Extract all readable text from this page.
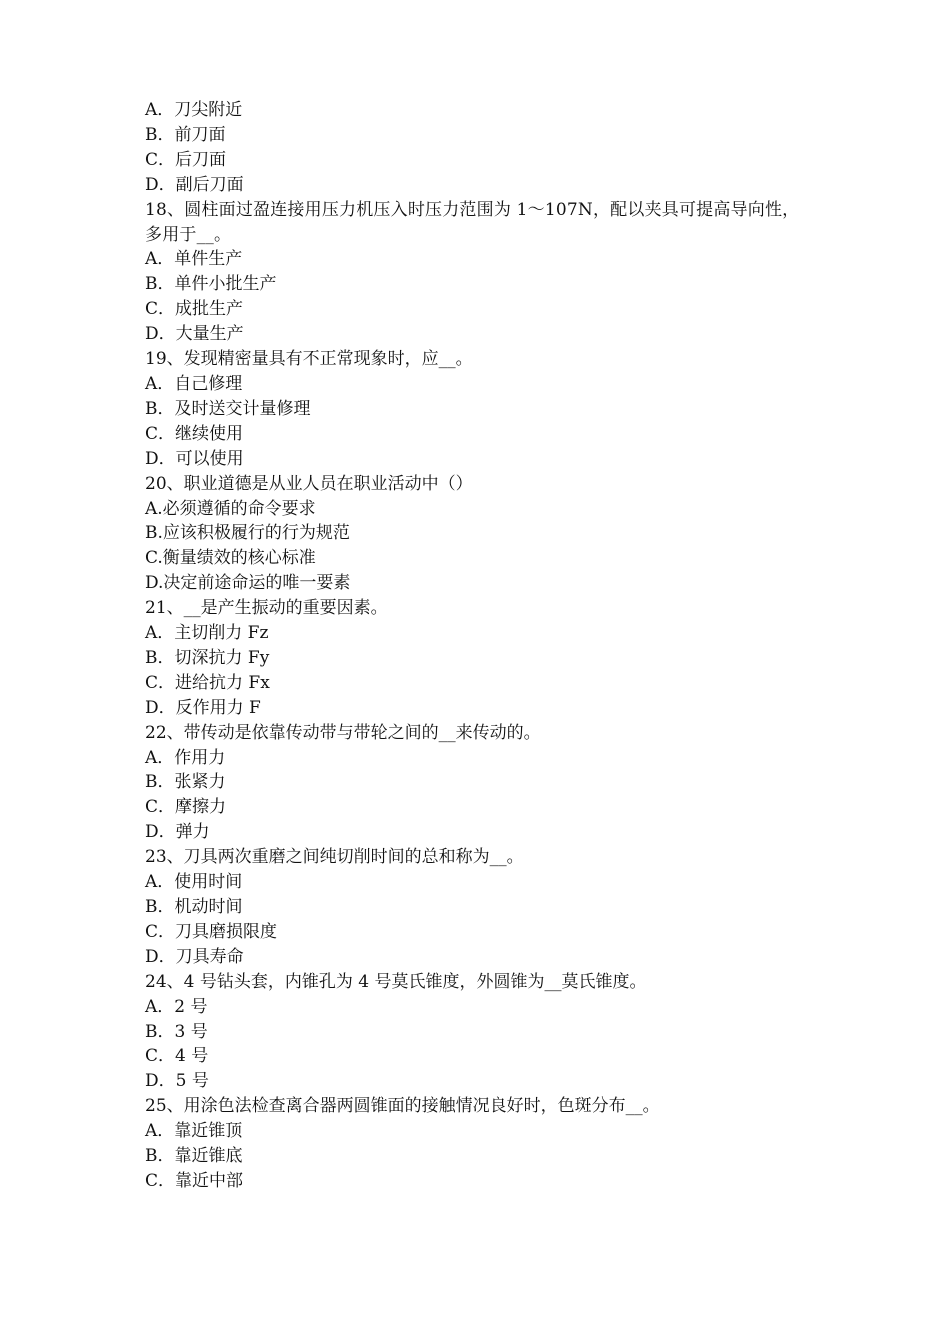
A．刀尖附近

B．前刀面

C．后刀面

D．副后刀面

18、圆柱面过盈连接用压力机压入时压力范围为 1～107N，配以夹具可提高导向性，多用于__。

A．单件生产

B．单件小批生产

C．成批生产

D．大量生产

19、发现精密量具有不正常现象时，应__。

A．自己修理

B．及时送交计量修理

C．继续使用

D．可以使用

20、职业道德是从业人员在职业活动中（）

A.必须遵循的命令要求

B.应该积极履行的行为规范

C.衡量绩效的核心标准

D.决定前途命运的唯一要素

21、__是产生振动的重要因素。

A．主切削力 Fz

B．切深抗力 Fy

C．进给抗力 Fx

D．反作用力 F

22、带传动是依靠传动带与带轮之间的__来传动的。

A．作用力

B．张紧力

C．摩擦力

D．弹力

23、刀具两次重磨之间纯切削时间的总和称为__。

A．使用时间

B．机动时间

C．刀具磨损限度

D．刀具寿命

24、4 号钻头套，内锥孔为 4 号莫氏锥度，外圆锥为__莫氏锥度。

A．2 号

B．3 号

C．4 号

D．5 号

25、用涂色法检查离合器两圆锥面的接触情况良好时，色斑分布__。

A．靠近锥顶

B．靠近锥底

C．靠近中部
